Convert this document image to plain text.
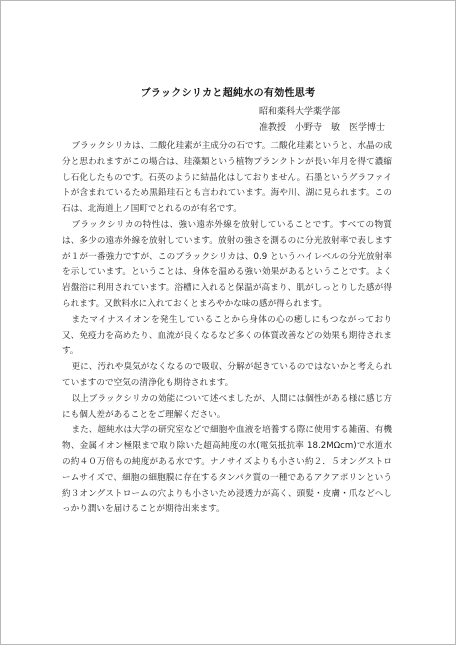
ブラックシリカと超純水の有効性思考
昭和薬科大学薬学部
准教授　小野寺　敏　医学博士

ブラックシリカは、二酸化珪素が主成分の石です。二酸化珪素というと、水晶の成分と思われますがこの場合は、珪藻類という植物プランクトンが長い年月を得て濃縮し石化したものです。石英のように結晶化はしておりません。石墨というグラファイトが含まれているため黒鉛珪石とも言われています。海や川、湖に見られます。この石は、北海道上ノ国町でとれるのが有名です。

ブラックシリカの特性は、強い遠赤外線を放射していることです。すべての物質は、多少の遠赤外線を放射しています。放射の強さを測るのに分光放射率で表しますが１が一番強力ですが、このブラックシリカは、0.9 というハイレベルの分光放射率を示しています。ということは、身体を温める強い効果があるということです。よく岩盤浴に利用されています。浴槽に入れると保温が高まり、肌がしっとりした感が得られます。又飲料水に入れておくとまろやかな味の感が得られます。

またマイナスイオンを発生していることから身体の心の癒しにもつながっており又、免疫力を高めたり、血流が良くなるなど多くの体質改善などの効果も期待されます。

更に、汚れや臭気がなくなるので吸収、分解が起きているのではないかと考えられていますので空気の清浄化も期待されます。

以上ブラックシリカの効能について述べましたが、人間には個性がある様に感じ方にも個人差があることをご理解ください。

また、超純水は大学の研究室などで細胞や血液を培養する際に使用する雑菌、有機物、金属イオン極限まで取り除いた超高純度の水(電気抵抗率 18.2MΩcm)で水道水の約４０万倍もの純度がある水です。ナノサイズよりも小さい約２．５オングストロームサイズで、細胞の細胞膜に存在するタンパク質の一種であるアクアポリンという約３オングストロームの穴よりも小さいため浸透力が高く、頭髪・皮膚・爪などへしっかり潤いを届けることが期待出来ます。
